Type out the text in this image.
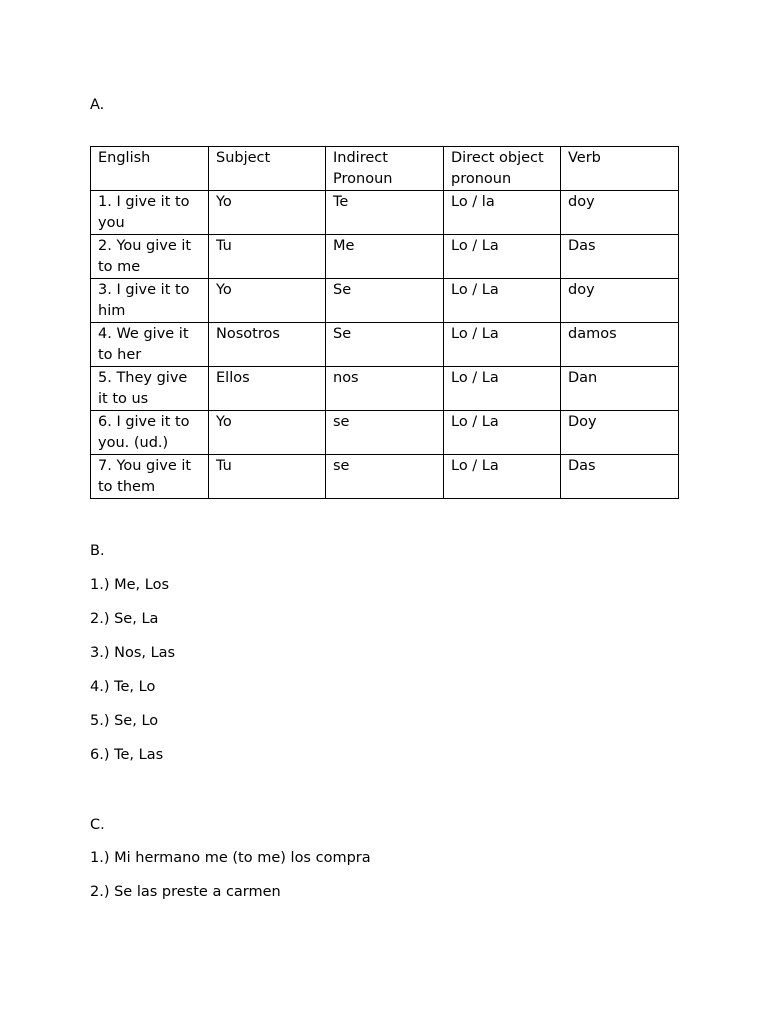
A.
English	Subject	Indirect Pronoun	Direct object pronoun	Verb
1. I give it to you	Yo	Te	Lo / la	doy
2. You give it to me	Tu	Me	Lo / La	Das
3. I give it to him	Yo	Se	Lo / La	doy
4. We give it to her	Nosotros	Se	Lo / La	damos
5. They give it to us	Ellos	nos	Lo / La	Dan
6. I give it to you. (ud.)	Yo	se	Lo / La	Doy
7. You give it to them	Tu	se	Lo / La	Das
B.
1.) Me, Los
2.) Se, La
3.) Nos, Las
4.) Te, Lo
5.) Se, Lo
6.) Te, Las
C.
1.) Mi hermano me (to me) los compra
2.) Se las preste a carmen
